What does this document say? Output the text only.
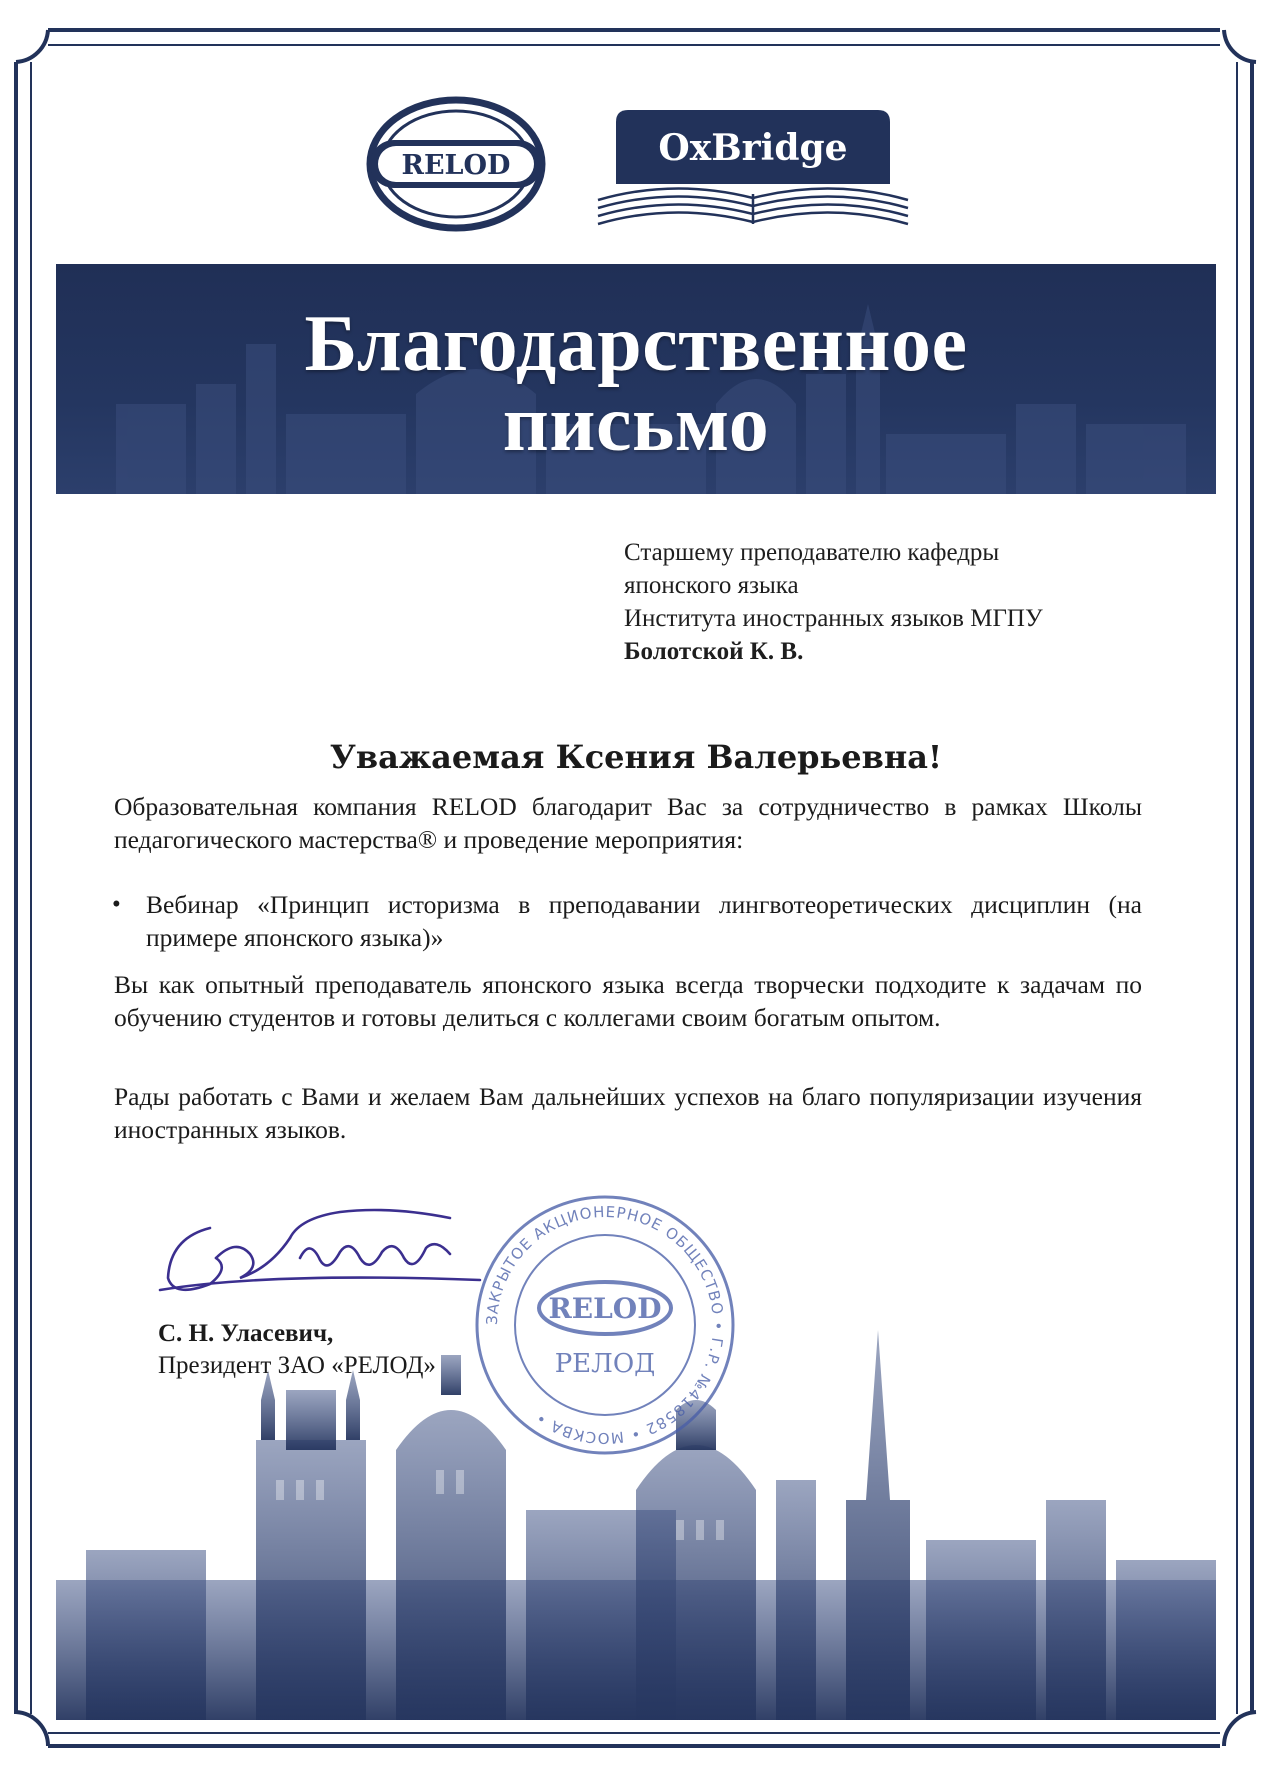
RELOD	OxBridge
Благодарственное
письмо
Старшему преподавателю кафедры
японского языка
Института иностранных языков МГПУ
Болотской К. В.
Уважаемая Ксения Валерьевна!
Образовательная компания RELOD благодарит Вас за сотрудничество в рамках Школы педагогического мастерства® и проведение мероприятия:
• Вебинар «Принцип историзма в преподавании лингвотеоретических дисциплин (на примере японского языка)»
Вы как опытный преподаватель японского языка всегда творчески подходите к задачам по обучению студентов и готовы делиться с коллегами своим богатым опытом.
Рады работать с Вами и желаем Вам дальнейших успехов на благо популяризации изучения иностранных языков.
С. Н. Уласевич,
Президент ЗАО «РЕЛОД»
ЗАКРЫТОЕ АКЦИОНЕРНОЕ ОБЩЕСТВО • Г.Р. №418582 • МОСКВА •
RELOD
РЕЛОД
